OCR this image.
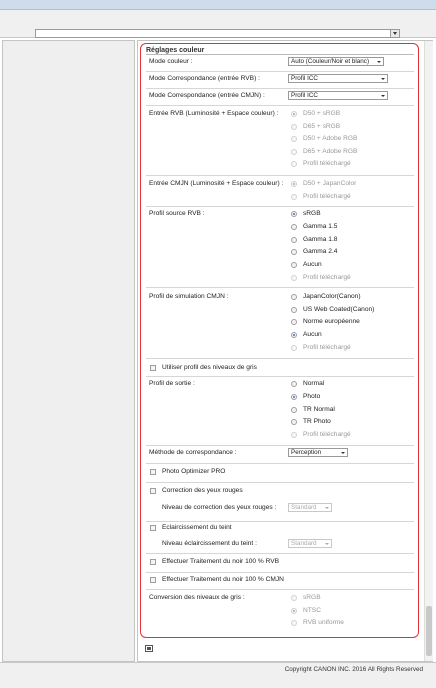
Réglages couleur
Mode couleur :	Auto (Couleur/Noir et blanc)
Mode Correspondance (entrée RVB) :	Profil ICC
Mode Correspondance (entrée CMJN) :	Profil ICC
Entrée RVB (Luminosité + Espace couleur) :	D50 + sRGB
D65 + sRGB
D50 + Adobe RGB
D65 + Adobe RGB
Profil téléchargé
Entrée CMJN (Luminosité + Espace couleur) :	D50 + JapanColor
Profil téléchargé
Profil source RVB :	sRGB
Gamma 1.5
Gamma 1.8
Gamma 2.4
Aucun
Profil téléchargé
Profil de simulation CMJN :	JapanColor(Canon)
US Web Coated(Canon)
Norme européenne
Aucun
Profil téléchargé
Utiliser profil des niveaux de gris
Profil de sortie :	Normal
Photo
TR Normal
TR Photo
Profil téléchargé
Méthode de correspondance :	Perception
Photo Optimizer PRO
Correction des yeux rouges
Niveau de correction des yeux rouges :	Standard
Eclaircissement du teint
Niveau éclaircissement du teint :	Standard
Effectuer Traitement du noir 100 % RVB
Effectuer Traitement du noir 100 % CMJN
Conversion des niveaux de gris :	sRGB
NTSC
RVB uniforme
Copyright CANON INC. 2016 All Rights Reserved
